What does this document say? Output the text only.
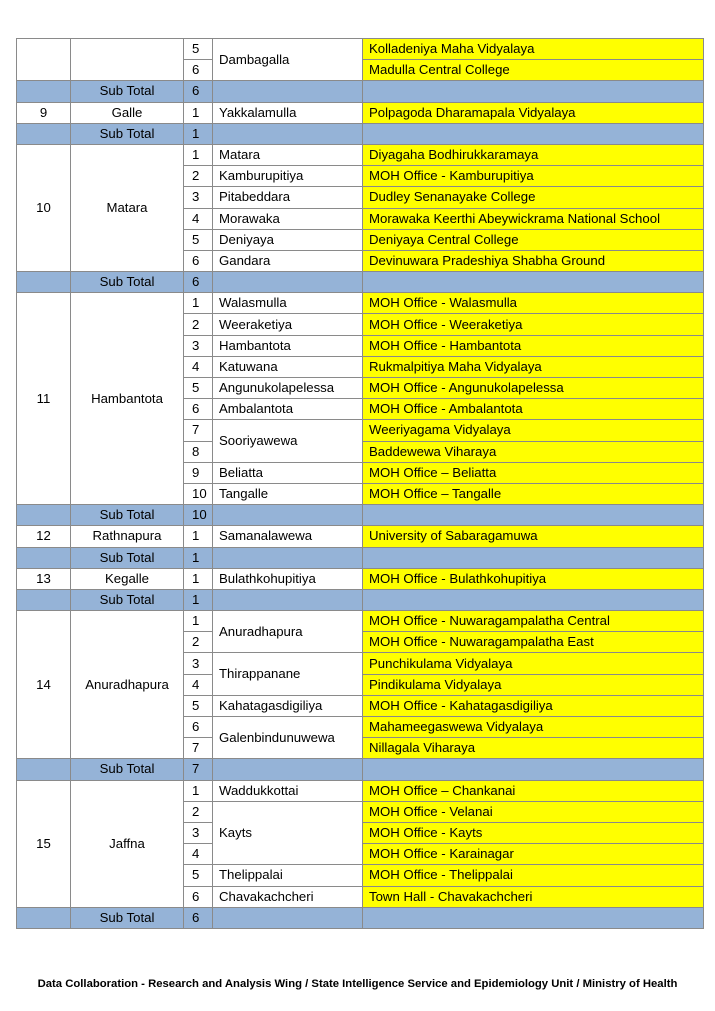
		5	Dambagalla	Kolladeniya Maha Vidyalaya
		6		Madulla Central College
	Sub Total	6		
9	Galle	1	Yakkalamulla	Polpagoda Dharamapala Vidyalaya
	Sub Total	1		
10	Matara	1	Matara	Diyagaha Bodhirukkaramaya
		2	Kamburupitiya	MOH Office - Kamburupitiya
		3	Pitabeddara	Dudley Senanayake College
		4	Morawaka	Morawaka Keerthi Abeywickrama National School
		5	Deniyaya	Deniyaya Central College
		6	Gandara	Devinuwara Pradeshiya Shabha Ground
	Sub Total	6		
11	Hambantota	1	Walasmulla	MOH Office - Walasmulla
		2	Weeraketiya	MOH Office - Weeraketiya
		3	Hambantota	MOH Office - Hambantota
		4	Katuwana	Rukmalpitiya Maha Vidyalaya
		5	Angunukolapelessa	MOH Office - Angunukolapelessa
		6	Ambalantota	MOH Office - Ambalantota
		7	Sooriyawewa	Weeriyagama Vidyalaya
		8		Baddewewa Viharaya
		9	Beliatta	MOH Office – Beliatta
		10	Tangalle	MOH Office – Tangalle
	Sub Total	10		
12	Rathnapura	1	Samanalawewa	University of Sabaragamuwa
	Sub Total	1		
13	Kegalle	1	Bulathkohupitiya	MOH Office - Bulathkohupitiya
	Sub Total	1		
14	Anuradhapura	1	Anuradhapura	MOH Office - Nuwaragampalatha Central
		2		MOH Office - Nuwaragampalatha East
		3	Thirappanane	Punchikulama Vidyalaya
		4		Pindikulama Vidyalaya
		5	Kahatagasdigiliya	MOH Office - Kahatagasdigiliya
		6	Galenbindunuwewa	Mahameegaswewa Vidyalaya
		7		Nillagala Viharaya
	Sub Total	7		
15	Jaffna	1	Waddukkottai	MOH Office – Chankanai
		2	Kayts	MOH Office - Velanai
		3		MOH Office - Kayts
		4		MOH Office - Karainagar
		5	Thelippalai	MOH Office - Thelippalai
		6	Chavakachcheri	Town Hall - Chavakachcheri
	Sub Total	6		
Data Collaboration - Research and Analysis Wing / State Intelligence Service and Epidemiology Unit / Ministry of Health
